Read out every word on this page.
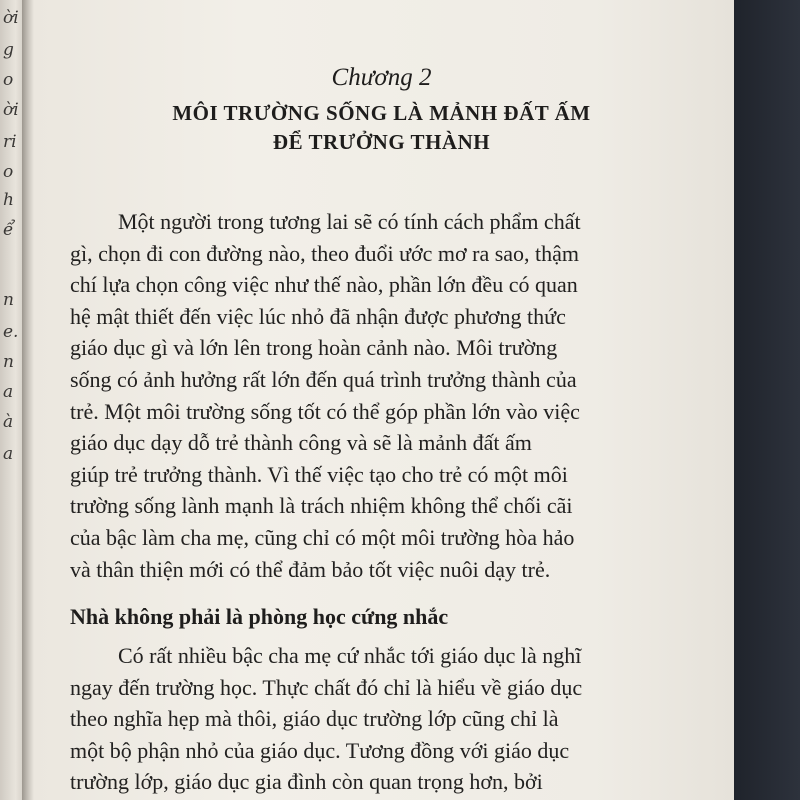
ời
g
o
ời
ri
o
h
ể
n
e.
n
a
à
a
Chương 2
MÔI TRƯỜNG SỐNG LÀ MẢNH ĐẤT ẤM
ĐỂ TRƯỞNG THÀNH
Một người trong tương lai sẽ có tính cách phẩm chất
gì, chọn đi con đường nào, theo đuổi ước mơ ra sao, thậm
chí lựa chọn công việc như thế nào, phần lớn đều có quan
hệ mật thiết đến việc lúc nhỏ đã nhận được phương thức
giáo dục gì và lớn lên trong hoàn cảnh nào. Môi trường
sống có ảnh hưởng rất lớn đến quá trình trưởng thành của
trẻ. Một môi trường sống tốt có thể góp phần lớn vào việc
giáo dục dạy dỗ trẻ thành công và sẽ là mảnh đất ấm
giúp trẻ trưởng thành. Vì thế việc tạo cho trẻ có một môi
trường sống lành mạnh là trách nhiệm không thể chối cãi
của bậc làm cha mẹ, cũng chỉ có một môi trường hòa hảo
và thân thiện mới có thể đảm bảo tốt việc nuôi dạy trẻ.
Nhà không phải là phòng học cứng nhắc
Có rất nhiều bậc cha mẹ cứ nhắc tới giáo dục là nghĩ
ngay đến trường học. Thực chất đó chỉ là hiểu về giáo dục
theo nghĩa hẹp mà thôi, giáo dục trường lớp cũng chỉ là
một bộ phận nhỏ của giáo dục. Tương đồng với giáo dục
trường lớp, giáo dục gia đình còn quan trọng hơn, bởi
